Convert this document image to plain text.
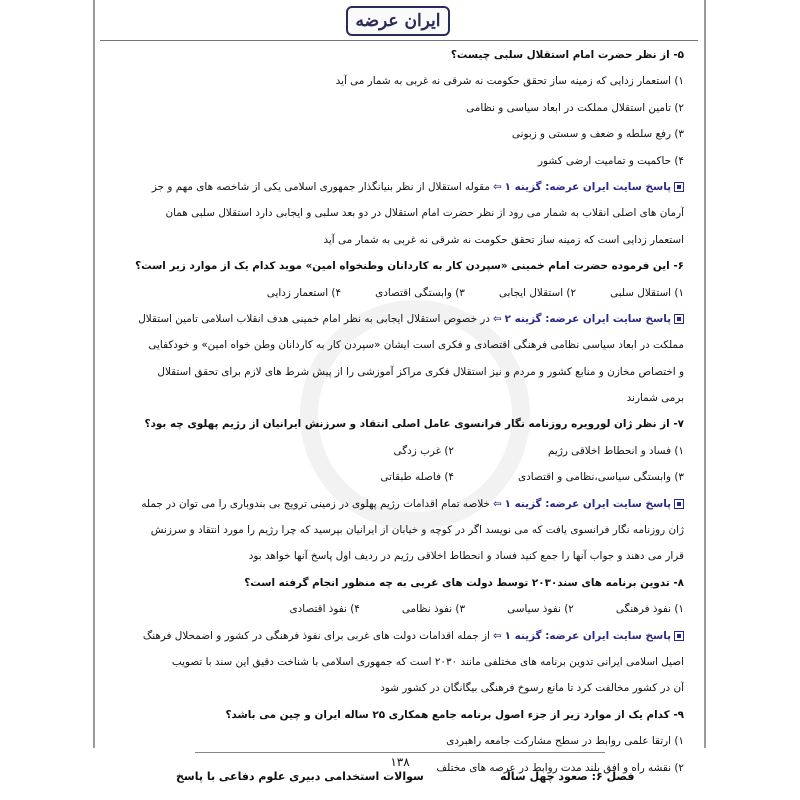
ایران عرضه
۵- از نظر حضرت امام استقلال سلبی چیست؟
۱) استعمار زدایی که زمینه ساز تحقق حکومت نه شرقی نه غربی به شمار می آید
۲) تامین استقلال مملکت در ابعاد سیاسی و نظامی
۳) رفع سلطه و ضعف و سستی و زبونی
۴) حاکمیت و تمامیت ارضی کشور
پاسخ سایت ایران عرضه: گزینه ۱⇦مقوله استقلال از نظر بنیانگذار جمهوری اسلامی یکی از شاخصه های مهم و جز
آرمان های اصلی انقلاب به شمار می رود از نظر حضرت امام استقلال در دو بعد سلبی و ایجابی دارد استقلال سلبی همان
استعمار زدایی است که زمینه ساز تحقق حکومت نه شرقی نه غربی به شمار می آید
۶- این فرموده حضرت امام خمینی «سپردن کار به کاردانان وطنخواه امین» موید کدام یک از موارد زیر است؟
۱) استقلال سلبی
۲) استقلال ایجابی
۳) وابستگی اقتصادی
۴) استعمار زدایی
پاسخ سایت ایران عرضه: گزینه ۲⇦در خصوص استقلال ایجابی به نظر امام خمینی هدف انقلاب اسلامی تامین استقلال
مملکت در ابعاد سیاسی نظامی فرهنگی اقتصادی و فکری است ایشان «سپردن کار به کاردانان وطن خواه امین» و خودکفایی
و اختصاص مخازن و منابع کشور و مردم و نیز استقلال فکری مراکز آموزشی را از پیش شرط های لازم برای تحقق استقلال
برمی شمارند
۷- از نظر ژان لورویره روزنامه نگار فرانسوی عامل اصلی انتقاد و سرزنش ایرانیان از رژیم پهلوی چه بود؟
۱) فساد و انحطاط اخلاقی رژیم۲) غرب زدگی
۳) وابستگی سیاسی،نظامی و اقتصادی۴) فاصله طبقاتی
پاسخ سایت ایران عرضه: گزینه ۱⇦خلاصه تمام اقدامات رژیم پهلوی در زمینی ترویج بی بندوباری را می توان در جمله
ژان روزنامه نگار فرانسوی یافت که می نویسد اگر در کوچه و خیابان از ایرانیان بپرسید که چرا رژیم را مورد انتقاد و سرزنش
قرار می دهند و جواب آنها را جمع کنید فساد و انحطاط اخلاقی رژیم در ردیف اول پاسخ آنها خواهد بود
۸- تدوین برنامه های سند۲۰۳۰ توسط دولت های غربی به چه منظور انجام گرفته است؟
۱) نفوذ فرهنگی
۲) نفوذ سیاسی
۳) نفوذ نظامی
۴) نفوذ اقتصادی
پاسخ سایت ایران عرضه: گزینه ۱⇦از جمله اقدامات دولت های غربی برای نفوذ فرهنگی در کشور و اضمحلال فرهنگ
اصیل اسلامی ایرانی تدوین برنامه های مختلفی مانند ۲۰۳۰ است که جمهوری اسلامی با شناخت دقیق این سند با تصویب
آن در کشور مخالفت کرد تا مانع رسوخ فرهنگی بیگانگان در کشور شود
۹- کدام یک از موارد زیر از جزء اصول برنامه جامع همکاری ۲۵ ساله ایران و چین می باشد؟
۱) ارتقا علمی روابط در سطح مشارکت جامعه راهبردی
۲) نقشه راه و افق بلند مدت روابط در عرصه های مختلف
۱۳۸
سوالات استخدامی دبیری علوم دفاعی با پاسخ	فصل ۶: صعود چهل ساله
